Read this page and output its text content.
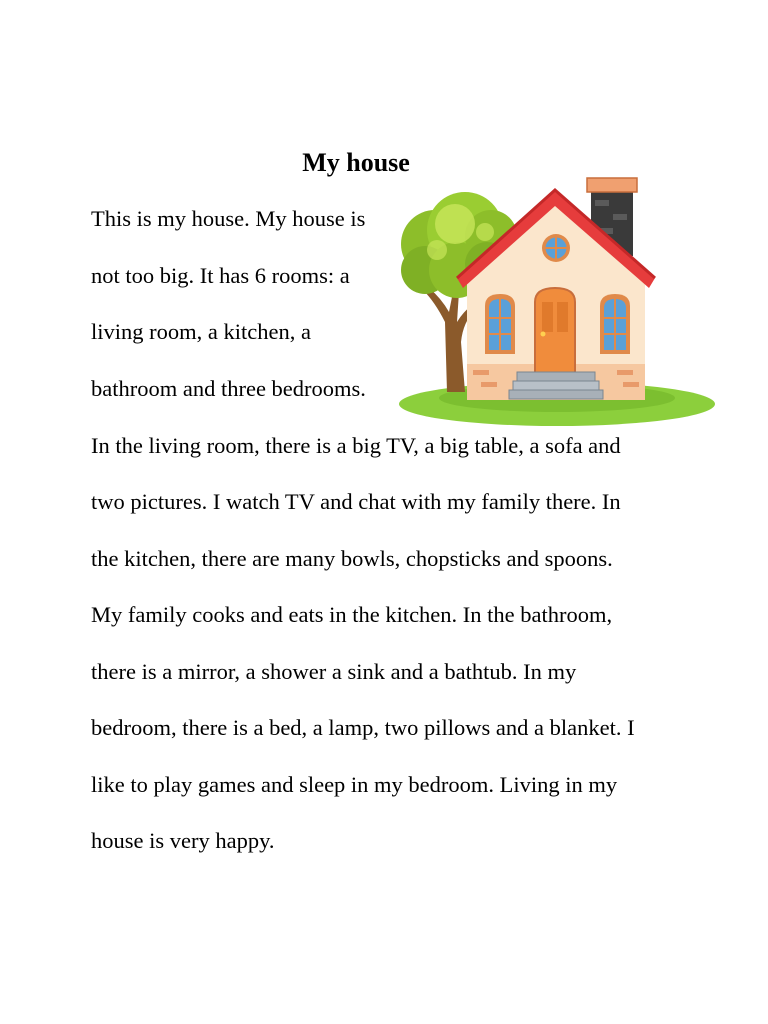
My house
This is my house. My house is
not too big. It has 6 rooms: a
living room, a kitchen, a
bathroom and three bedrooms.
In the living room, there is a big TV, a big table, a sofa and
two pictures. I watch TV and chat with my family there. In
the kitchen, there are many bowls, chopsticks and spoons.
My family cooks and eats in the kitchen. In the bathroom,
there is a mirror, a shower a sink and a bathtub. In my
bedroom, there is a bed, a lamp, two pillows and a blanket. I
like to play games and sleep in my bedroom. Living in my
house is very happy.
